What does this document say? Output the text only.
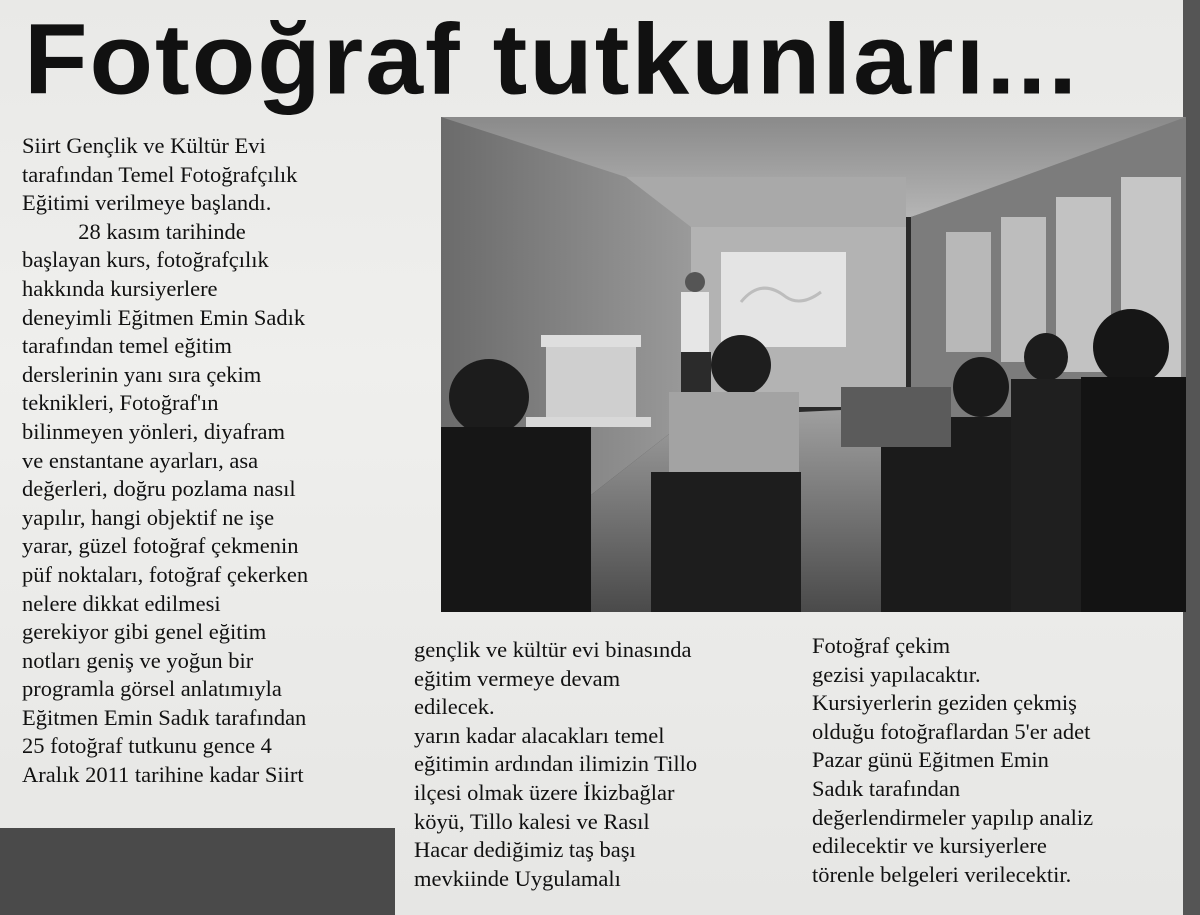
Fotoğraf tutkunları...
Siirt Gençlik ve Kültür Evi
tarafından Temel Fotoğrafçılık
Eğitimi verilmeye başlandı.
28 kasım tarihinde
başlayan kurs, fotoğrafçılık
hakkında kursiyerlere
deneyimli Eğitmen Emin Sadık
tarafından temel eğitim
derslerinin yanı sıra çekim
teknikleri, Fotoğraf'ın
bilinmeyen yönleri, diyafram
ve enstantane ayarları, asa
değerleri, doğru pozlama nasıl
yapılır, hangi objektif ne işe
yarar, güzel fotoğraf çekmenin
püf noktaları, fotoğraf çekerken
nelere dikkat edilmesi
gerekiyor gibi genel eğitim
notları geniş ve yoğun bir
programla görsel anlatımıyla
Eğitmen Emin Sadık tarafından
25 fotoğraf tutkunu gence 4
Aralık 2011 tarihine kadar Siirt
gençlik ve kültür evi binasında
eğitim vermeye devam
edilecek.
yarın kadar alacakları temel
eğitimin ardından ilimizin Tillo
ilçesi olmak üzere İkizbağlar
köyü, Tillo kalesi ve Rasıl
Hacar dediğimiz taş başı
mevkiinde Uygulamalı
Fotoğraf çekim
gezisi yapılacaktır.
Kursiyerlerin geziden çekmiş
olduğu fotoğraflardan 5'er adet
Pazar günü Eğitmen Emin
Sadık tarafından
değerlendirmeler yapılıp analiz
edilecektir ve kursiyerlere
törenle belgeleri verilecektir.
